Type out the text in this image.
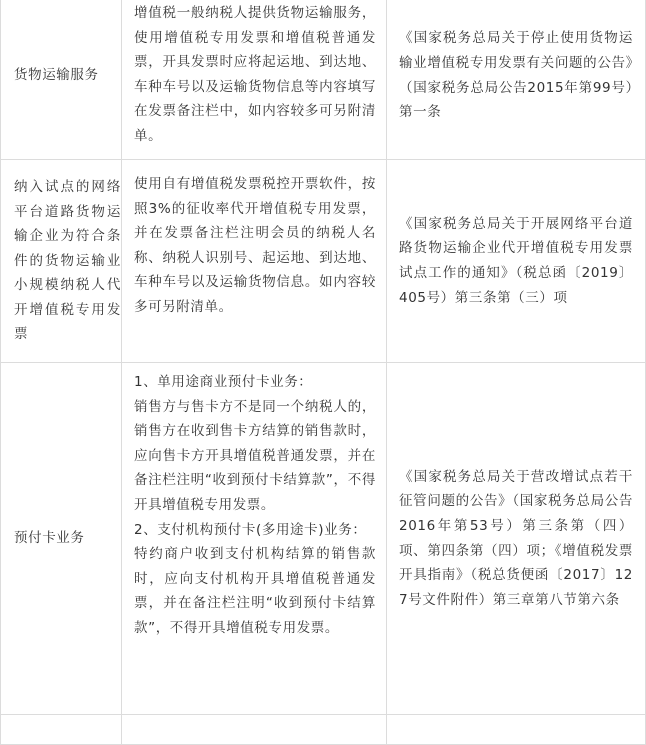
货物运输服务
增值税一般纳税人提供货物运输服务，使用增值税专用发票和增值税普通发票，开具发票时应将起运地、到达地、车种车号以及运输货物信息等内容填写在发票备注栏中，如内容较多可另附清单。
《国家税务总局关于停止使用货物运输业增值税专用发票有关问题的公告》（国家税务总局公告2015年第99号）第一条
纳入试点的网络平台道路货物运输企业为符合条件的货物运输业小规模纳税人代开增值税专用发票
使用自有增值税发票税控开票软件，按照3%的征收率代开增值税专用发票，并在发票备注栏注明会员的纳税人名称、纳税人识别号、起运地、到达地、车种车号以及运输货物信息。如内容较多可另附清单。
《国家税务总局关于开展网络平台道路货物运输企业代开增值税专用发票试点工作的通知》（税总函〔2019〕405号）第三条第（三）项
预付卡业务

1、单用途商业预付卡业务：

销售方与售卡方不是同一个纳税人的，销售方在收到售卡方结算的销售款时，应向售卡方开具增值税普通发票，并在备注栏注明“收到预付卡结算款”，不得开具增值税专用发票。

2、支付机构预付卡(多用途卡)业务：

特约商户收到支付机构结算的销售款时，应向支付机构开具增值税普通发票，并在备注栏注明“收到预付卡结算款”，不得开具增值税专用发票。

《国家税务总局关于营改增试点若干征管问题的公告》（国家税务总局公告2016年第53号）第三条第（四）项、第四条第（四）项；《增值税发票开具指南》（税总货便函〔2017〕127号文件附件）第三章第八节第六条
